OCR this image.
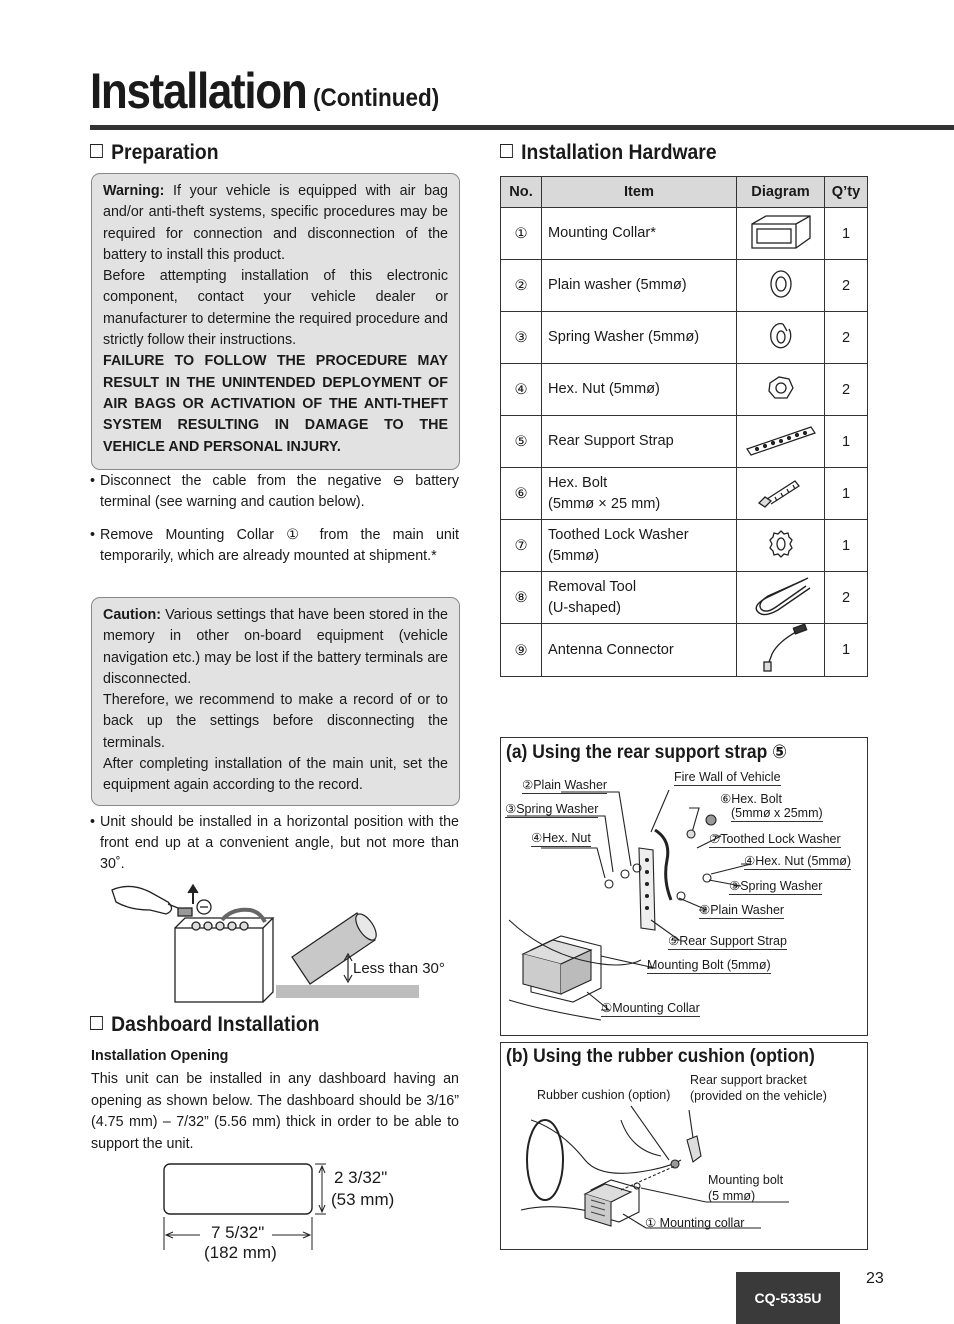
Installation (Continued)
Preparation

Warning: If your vehicle is equipped with air bag and/or anti-theft systems, specific procedures may be required for connection and disconnection of the battery to install this product.

Before attempting installation of this electronic component, contact your vehicle dealer or manufacturer to determine the required procedure and strictly follow their instructions.

FAILURE TO FOLLOW THE PROCEDURE MAY RESULT IN THE UNINTENDED DEPLOYMENT OF AIR BAGS OR ACTIVATION OF THE ANTI-THEFT SYSTEM RESULTING IN DAMAGE TO THE VEHICLE AND PERSONAL INJURY.

• Disconnect the cable from the negative ⊖ battery terminal (see warning and caution below).
• Remove Mounting Collar ① from the main unit temporarily, which are already mounted at shipment.*

Caution: Various settings that have been stored in the memory in other on-board equipment (vehicle navigation etc.) may be lost if the battery terminals are disconnected.

Therefore, we recommend to make a record of or to back up the settings before disconnecting the terminals.

After completing installation of the main unit, set the equipment again according to the record.

• Unit should be installed in a horizontal position with the front end up at a convenient angle, but not more than 30˚.
Less than 30°
Dashboard Installation
Installation Opening
This unit can be installed in any dashboard having an opening as shown below. The dashboard should be 3/16” (4.75 mm) – 7/32” (5.56 mm) thick in order to be able to support the unit.
2 3/32"
(53 mm)
7 5/32"
(182 mm)
Installation Hardware
No.	Item	Diagram	Q’ty
①	Mounting Collar*		1
②	Plain washer (5mmø)		2
③	Spring Washer (5mmø)		2
④	Hex. Nut (5mmø)		2
⑤	Rear Support Strap		1
⑥	Hex. Bolt
(5mmø × 25 mm)		1
⑦	Toothed Lock Washer
(5mmø)		1
⑧	Removal Tool
(U-shaped)		2
⑨	Antenna Connector		1
(a) Using the rear support strap ⑤
②Plain Washer
③Spring Washer
④Hex. Nut
Fire Wall of Vehicle
⑥Hex. Bolt
(5mmø x 25mm)
⑦Toothed Lock Washer
④Hex. Nut (5mmø)
③Spring Washer
②Plain Washer
⑤Rear Support Strap
Mounting Bolt (5mmø)
①Mounting Collar
(b) Using the rubber cushion (option)
Rubber cushion (option)
Rear support bracket
(provided on the vehicle)
Mounting bolt
(5 mmø)
① Mounting collar
23
CQ-5335U
